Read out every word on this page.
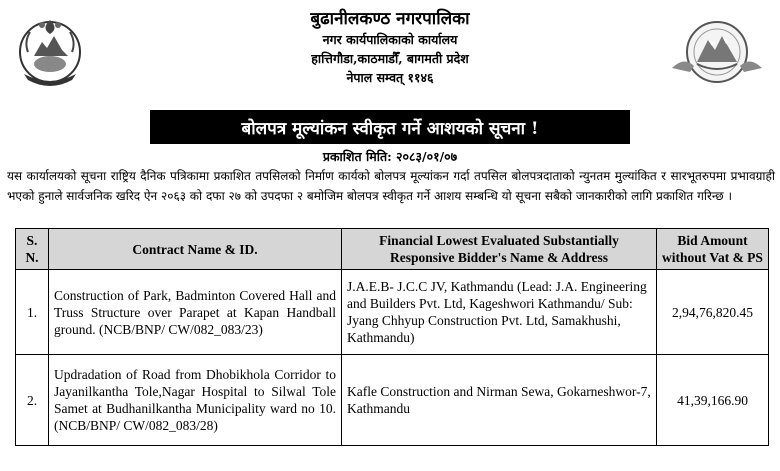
बुढानीलकण्ठ नगरपालिका
नगर कार्यपालिकाको कार्यालय
हात्तिगौडा,काठमाडौँ, बागमती प्रदेश
नेपाल सम्वत् ११४६
बोलपत्र मूल्यांकन स्वीकृत गर्ने आशयको सूचना !
प्रकाशित मिति: २०८३/०१/०७
यस कार्यालयको सूचना राष्ट्रिय दैनिक पत्रिकामा प्रकाशित तपसिलको निर्माण कार्यको बोलपत्र मूल्यांकन गर्दा तपसिल बोलपत्रदाताको न्युनतम मुल्यांकित र सारभूतरुपमा प्रभावग्राही भएको हुनाले सार्वजनिक खरिद ऐन २०६३ को दफा २७ को उपदफा २ बमोजिम बोलपत्र स्वीकृत गर्ने आशय सम्बन्धि यो सूचना सबैको जानकारीको लागि प्रकाशित गरिन्छ ।
S. N.	Contract Name & ID.	Financial Lowest Evaluated Substantially Responsive Bidder's Name & Address	Bid Amount without Vat & PS
1.	Construction of Park, Badminton Covered Hall and Truss Structure over Parapet at Kapan Handball ground. (NCB/BNP/ CW/082_083/23)	J.A.E.B- J.C.C JV, Kathmandu (Lead: J.A. Engineering and Builders Pvt. Ltd, Kageshwori Kathmandu/ Sub: Jyang Chhyup Construction Pvt. Ltd, Samakhushi, Kathmandu)	2,94,76,820.45
2.	Updradation of Road from Dhobikhola Corridor to Jayanilkantha Tole,Nagar Hospital to Silwal Tole Samet at Budhanilkantha Municipality ward no 10. (NCB/BNP/ CW/082_083/28)	Kafle Construction and Nirman Sewa, Gokarneshwor-7, Kathmandu	41,39,166.90
